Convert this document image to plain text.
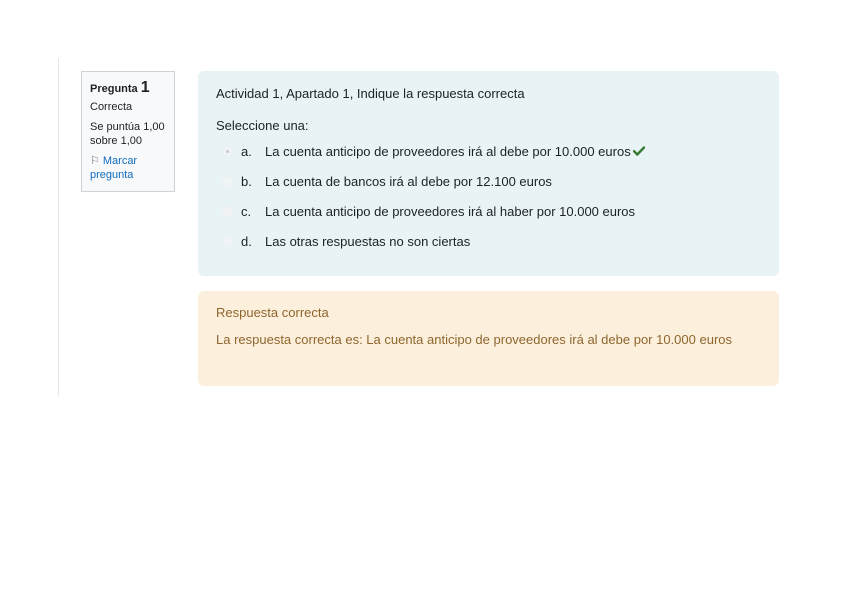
Pregunta 1
Correcta
Se puntúa 1,00 sobre 1,00
⚐ Marcar pregunta

Actividad 1, Apartado 1, Indique la respuesta correcta

Seleccione una:

a.	La cuenta anticipo de proveedores irá al debe por 10.000 euros
b.	La cuenta de bancos irá al debe por 12.100 euros
c.	La cuenta anticipo de proveedores irá al haber por 10.000 euros
d.	Las otras respuestas no son ciertas
Respuesta correcta
La respuesta correcta es: La cuenta anticipo de proveedores irá al debe por 10.000 euros
